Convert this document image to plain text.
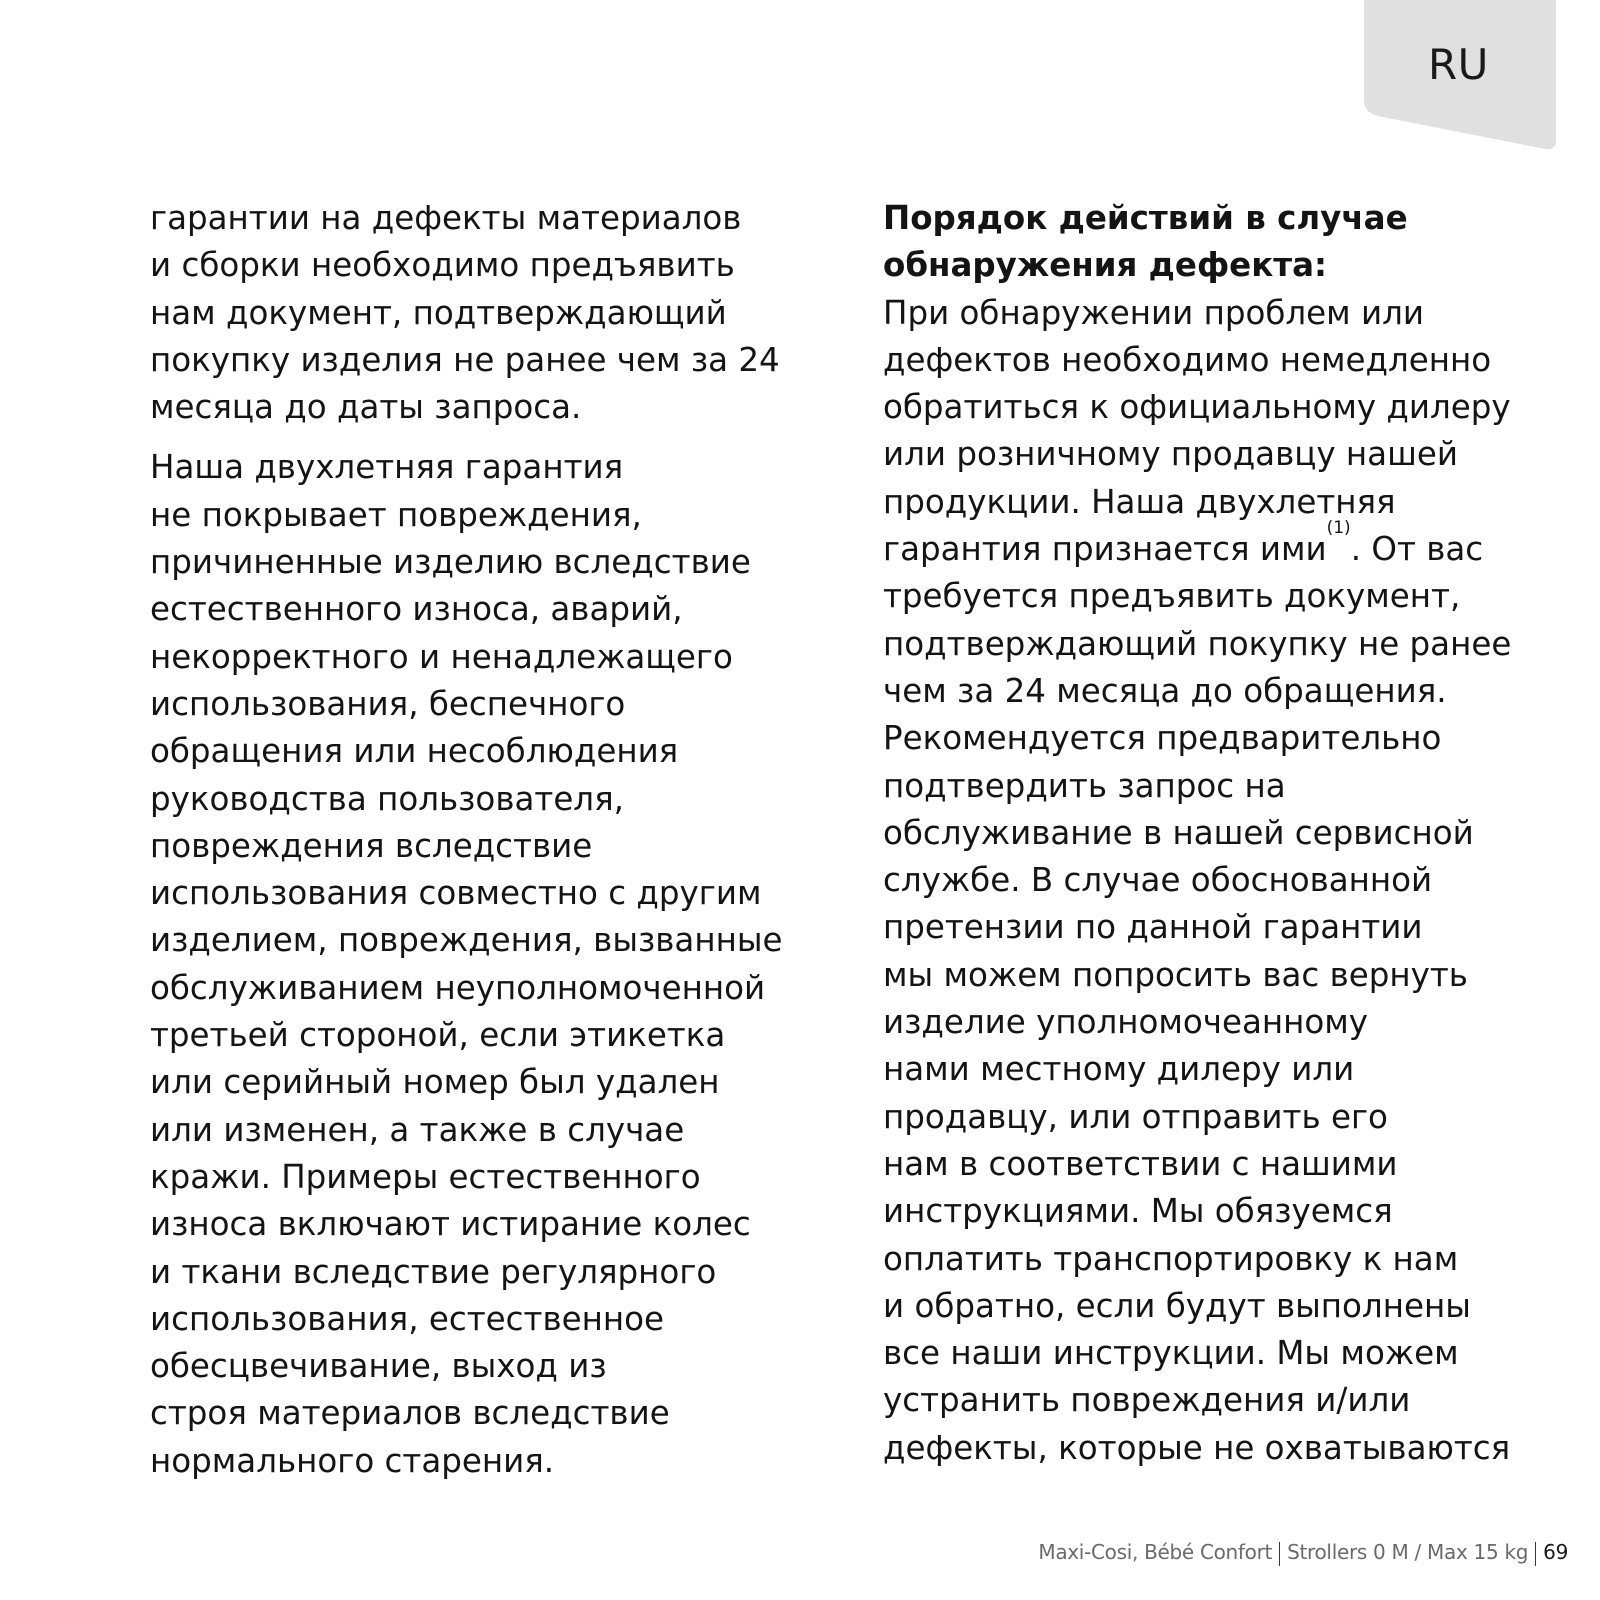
RU

гарантии на дефекты материалов
и сборки необходимо предъявить
нам документ, подтверждающий
покупку изделия не ранее чем за 24
месяца до даты запроса.

Наша двухлетняя гарантия
не покрывает повреждения,
причиненные изделию вследствие
естественного износа, аварий,
некорректного и ненадлежащего
использования, беспечного
обращения или несоблюдения
руководства пользователя,
повреждения вследствие
использования совместно с другим
изделием, повреждения, вызванные
обслуживанием неуполномоченной
третьей стороной, если этикетка
или серийный номер был удален
или изменен, а также в случае
кражи. Примеры естественного
износа включают истирание колес
и ткани вследствие регулярного
использования, естественное
обесцвечивание, выход из
строя материалов вследствие
нормального старения.

Порядок действий в случае
обнаружения дефекта:

При обнаружении проблем или
дефектов необходимо немедленно
обратиться к официальному дилеру
или розничному продавцу нашей
продукции. Наша двухлетняя
гарантия признается ими$^{(1)}$. От вас
требуется предъявить документ,
подтверждающий покупку не ранее
чем за 24 месяца до обращения.
Рекомендуется предварительно
подтвердить запрос на
обслуживание в нашей сервисной
службе. В случае обоснованной
претензии по данной гарантии
мы можем попросить вас вернуть
изделие уполномочеанному
нами местному дилеру или
продавцу, или отправить его
нам в соответствии с нашими
инструкциями. Мы обязуемся
оплатить транспортировку к нам
и обратно, если будут выполнены
все наши инструкции. Мы можем
устранить повреждения и/или
дефекты, которые не охватываются

Maxi-Cosi, Bébé Confort Strollers 0 M / Max 15 kg 69
